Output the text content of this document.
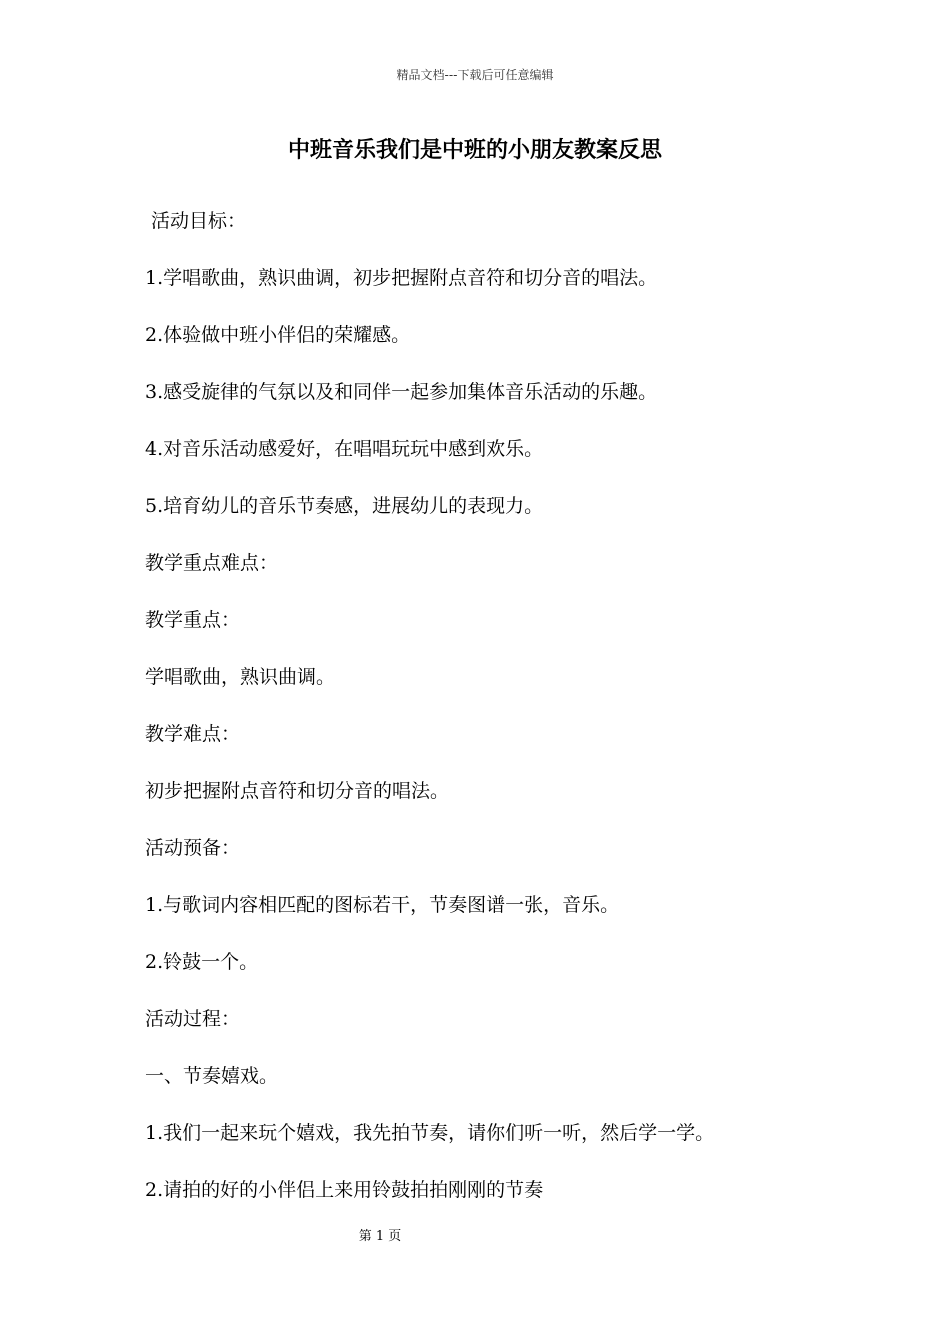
精品文档---下载后可任意编辑
中班音乐我们是中班的小朋友教案反思
活动目标：
1.学唱歌曲，熟识曲调，初步把握附点音符和切分音的唱法。
2.体验做中班小伴侣的荣耀感。
3.感受旋律的气氛以及和同伴一起参加集体音乐活动的乐趣。
4.对音乐活动感爱好，在唱唱玩玩中感到欢乐。
5.培育幼儿的音乐节奏感，进展幼儿的表现力。
教学重点难点：
教学重点：
学唱歌曲，熟识曲调。
教学难点：
初步把握附点音符和切分音的唱法。
活动预备：
1.与歌词内容相匹配的图标若干，节奏图谱一张，音乐。
2.铃鼓一个。
活动过程：
一、节奏嬉戏。
1.我们一起来玩个嬉戏，我先拍节奏，请你们听一听，然后学一学。
2.请拍的好的小伴侣上来用铃鼓拍拍刚刚的节奏
第 1 页
